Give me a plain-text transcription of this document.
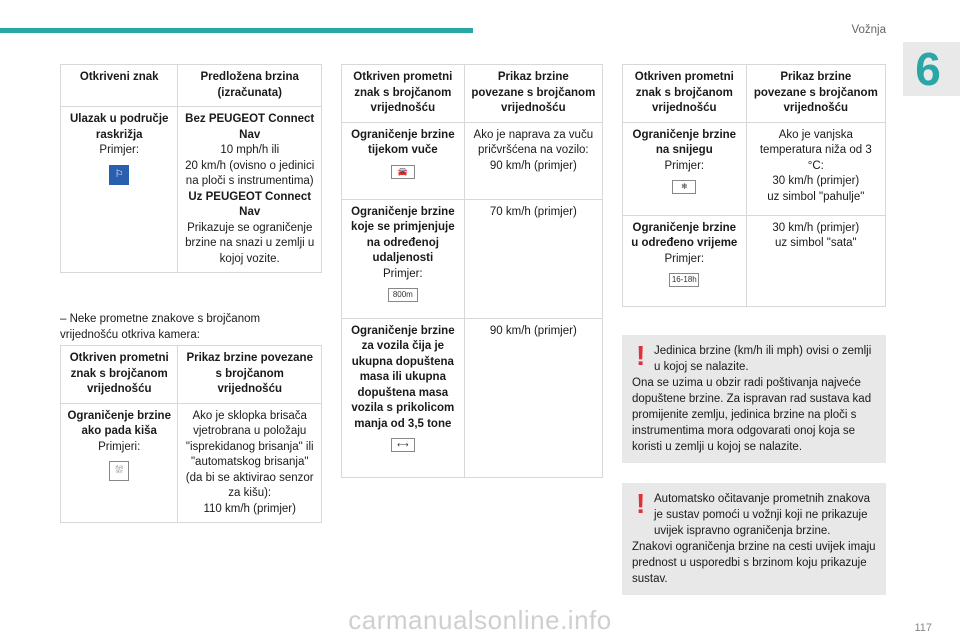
Vožnja
6
Otkriveni znak	Predložena brzina (izračunata)

Ulazak u područje raskrižja
Primjer:
⚐	Bez PEUGEOT Connect Nav
10 mph/h ili
20 km/h (ovisno o jedinici na ploči s instrumentima)
Uz PEUGEOT Connect Nav
Prikazuje se ograničenje brzine na snazi u zemlji u kojoj vozite.
– Neke prometne znakove s brojčanom vrijednošću otkriva kamera:
Otkriven prometni znak s brojčanom vrijednošću	Prikaz brzine povezane s brojčanom vrijednošću

Ograničenje brzine ako pada kiša
Primjeri:
⛆	Ako je sklopka brisača vjetrobrana u položaju "isprekidanog brisanja" ili "automatskog brisanja" (da bi se aktivirao senzor za kišu):
110 km/h (primjer)
Otkriven prometni znak s brojčanom vrijednošću	Prikaz brzine povezane s brojčanom vrijednošću

Ograničenje brzine tijekom vuče
🚘	Ako je naprava za vuču pričvršćena na vozilo:
90 km/h (primjer)

Ograničenje brzine koje se primjenjuje na određenoj udaljenosti
Primjer:
800m	70 km/h (primjer)

Ograničenje brzine za vozila čija je ukupna dopuštena masa ili ukupna dopuštena masa vozila s prikolicom manja od 3,5 tone
⟷	90 km/h (primjer)
Otkriven prometni znak s brojčanom vrijednošću	Prikaz brzine povezane s brojčanom vrijednošću

Ograničenje brzine na snijegu
Primjer:
❄	Ako je vanjska temperatura niža od 3 °C:
30 km/h (primjer)
uz simbol "pahulje"

Ograničenje brzine u određeno vrijeme
Primjer:
16-18h	30 km/h (primjer)
uz simbol "sata"
! Jedinica brzine (km/h ili mph) ovisi o zemlji u kojoj se nalazite.
Ona se uzima u obzir radi poštivanja najveće dopuštene brzine. Za ispravan rad sustava kad promijenite zemlju, jedinica brzine na ploči s instrumentima mora odgovarati onoj koja se koristi u zemlji u kojoj se nalazite.
! Automatsko očitavanje prometnih znakova je sustav pomoći u vožnji koji ne prikazuje uvijek ispravno ograničenja brzine.
Znakovi ograničenja brzine na cesti uvijek imaju prednost u usporedbi s brzinom koju prikazuje sustav.
carmanualsonline.info	117
